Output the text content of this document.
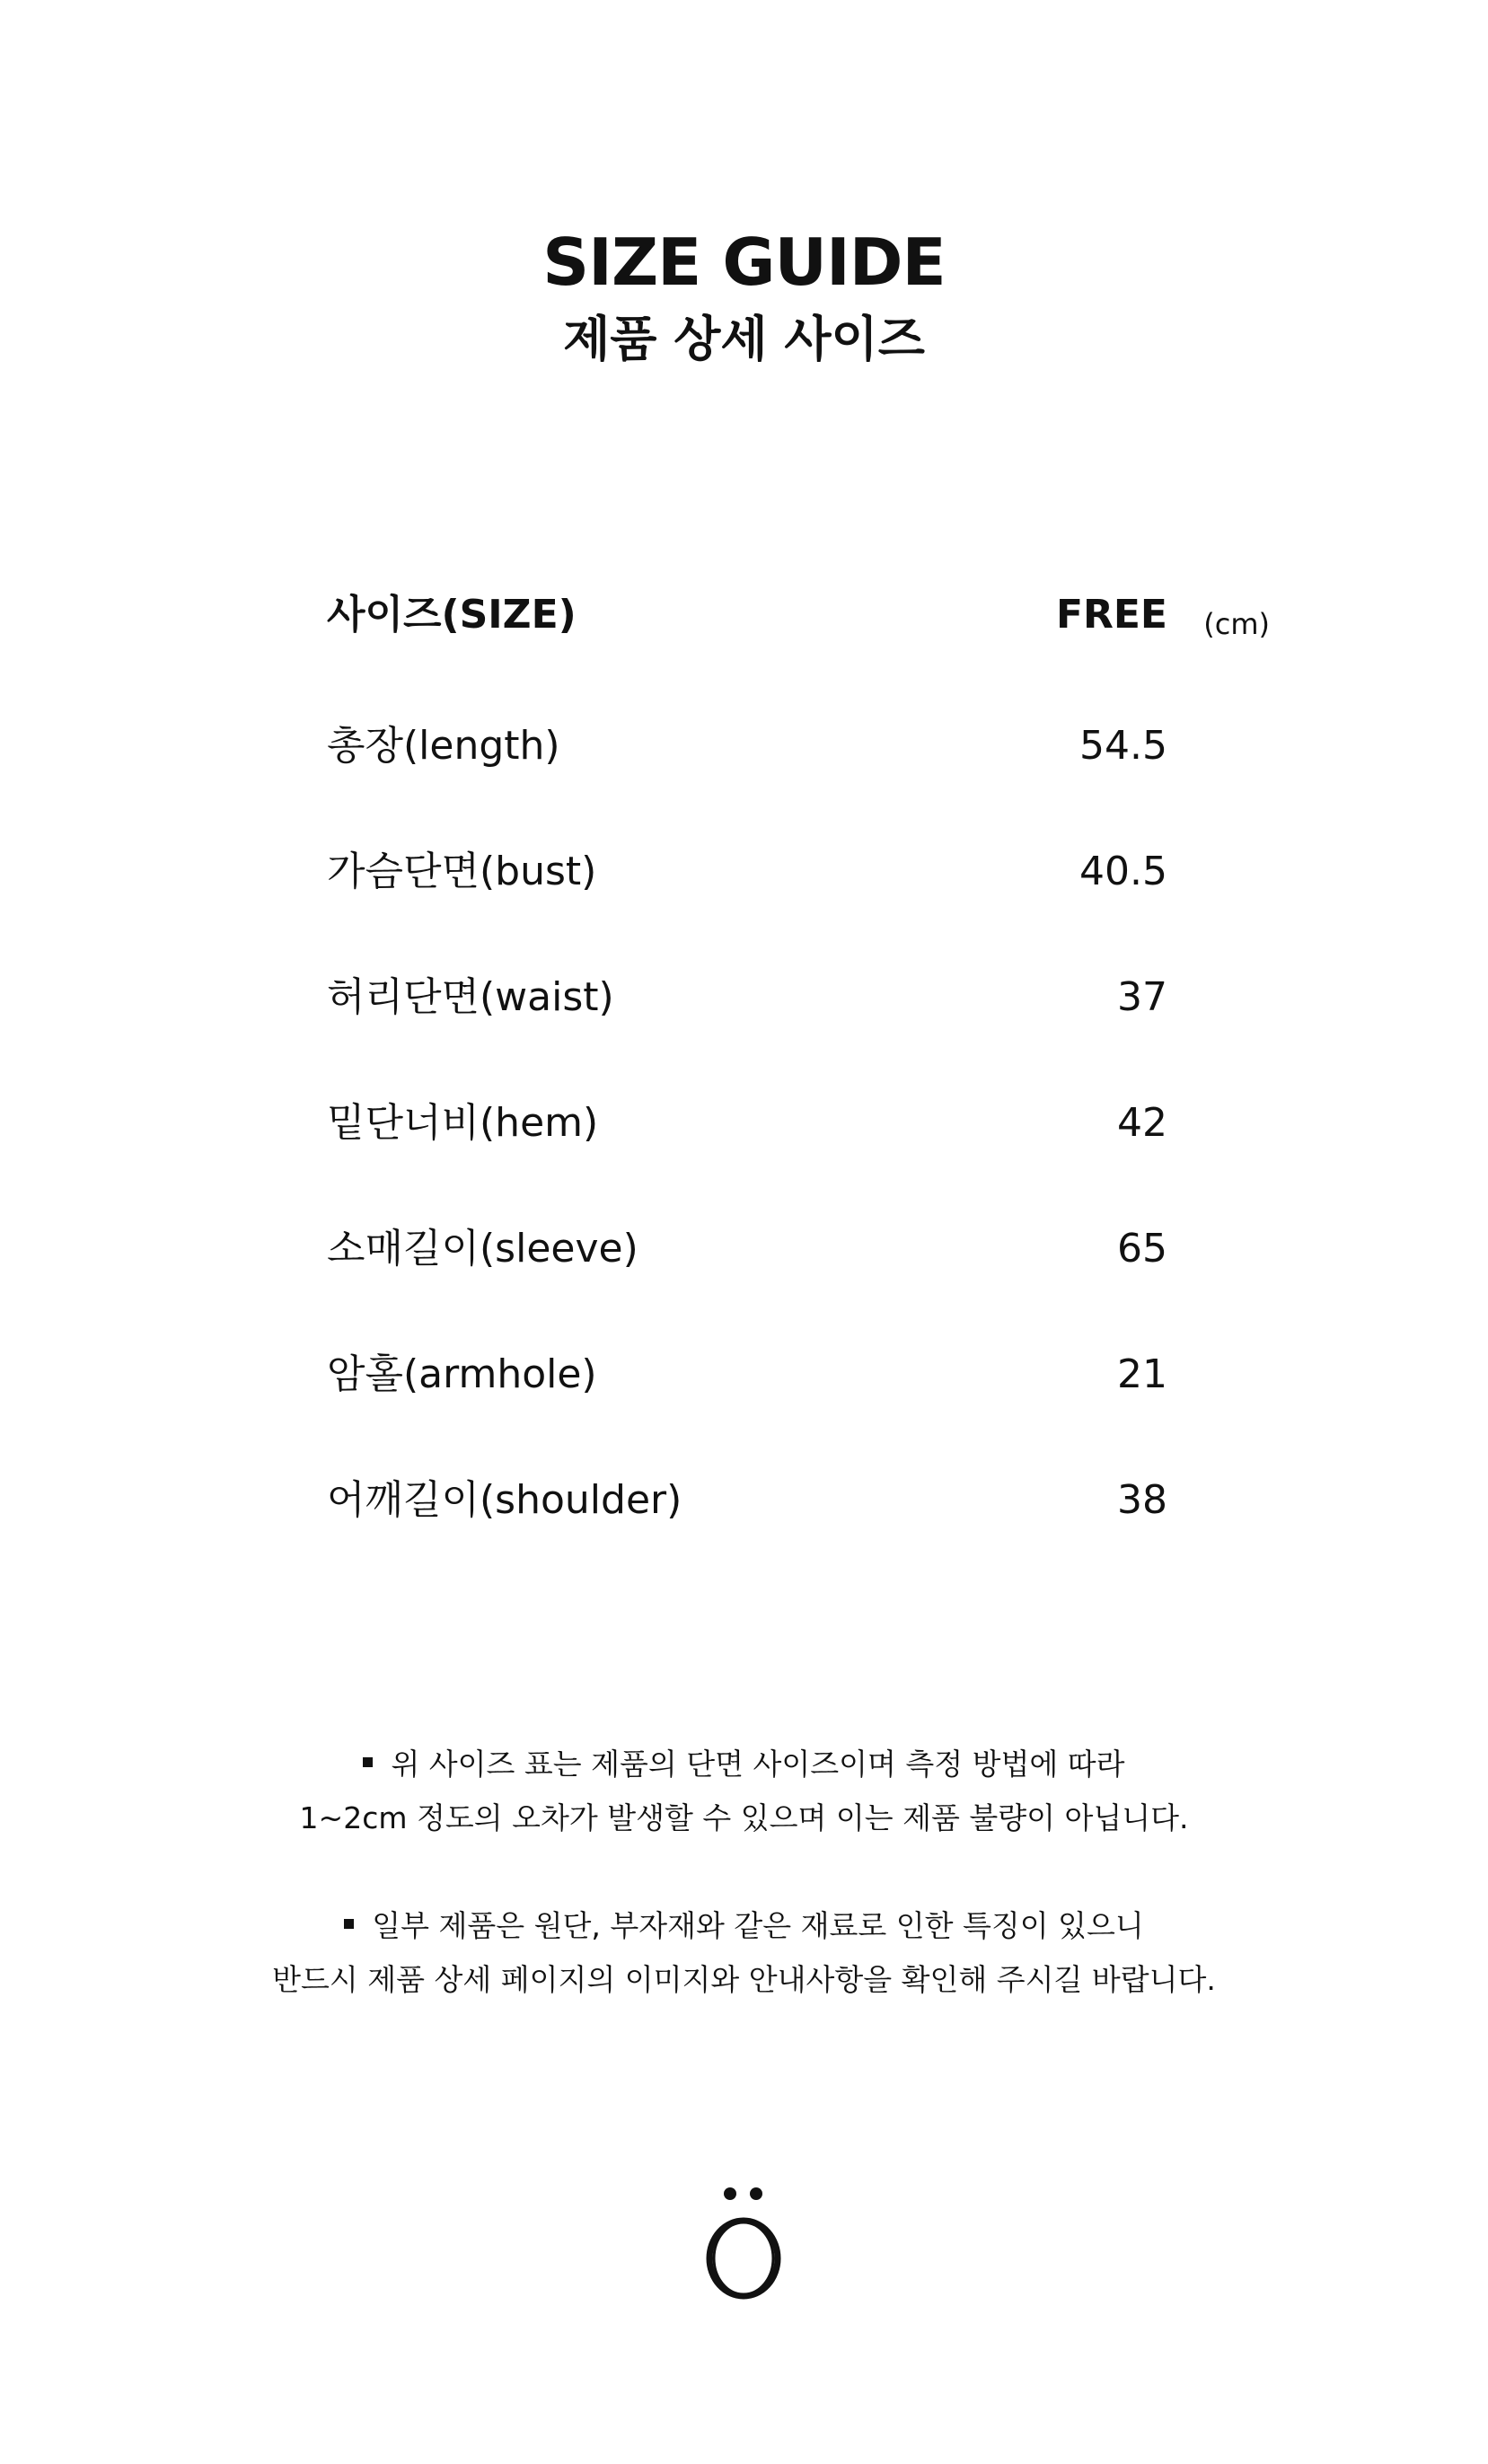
SIZE GUIDE
제품 상세 사이즈
사이즈(SIZE)	FREE (cm)
총장(length)	54.5
가슴단면(bust)	40.5
허리단면(waist)	37
밑단너비(hem)	42
소매길이(sleeve)	65
암홀(armhole)	21
어깨길이(shoulder)	38

위 사이즈 표는 제품의 단면 사이즈이며 측정 방법에 따라

1~2cm 정도의 오차가 발생할 수 있으며 이는 제품 불량이 아닙니다.

일부 제품은 원단, 부자재와 같은 재료로 인한 특징이 있으니

반드시 제품 상세 페이지의 이미지와 안내사항을 확인해 주시길 바랍니다.
